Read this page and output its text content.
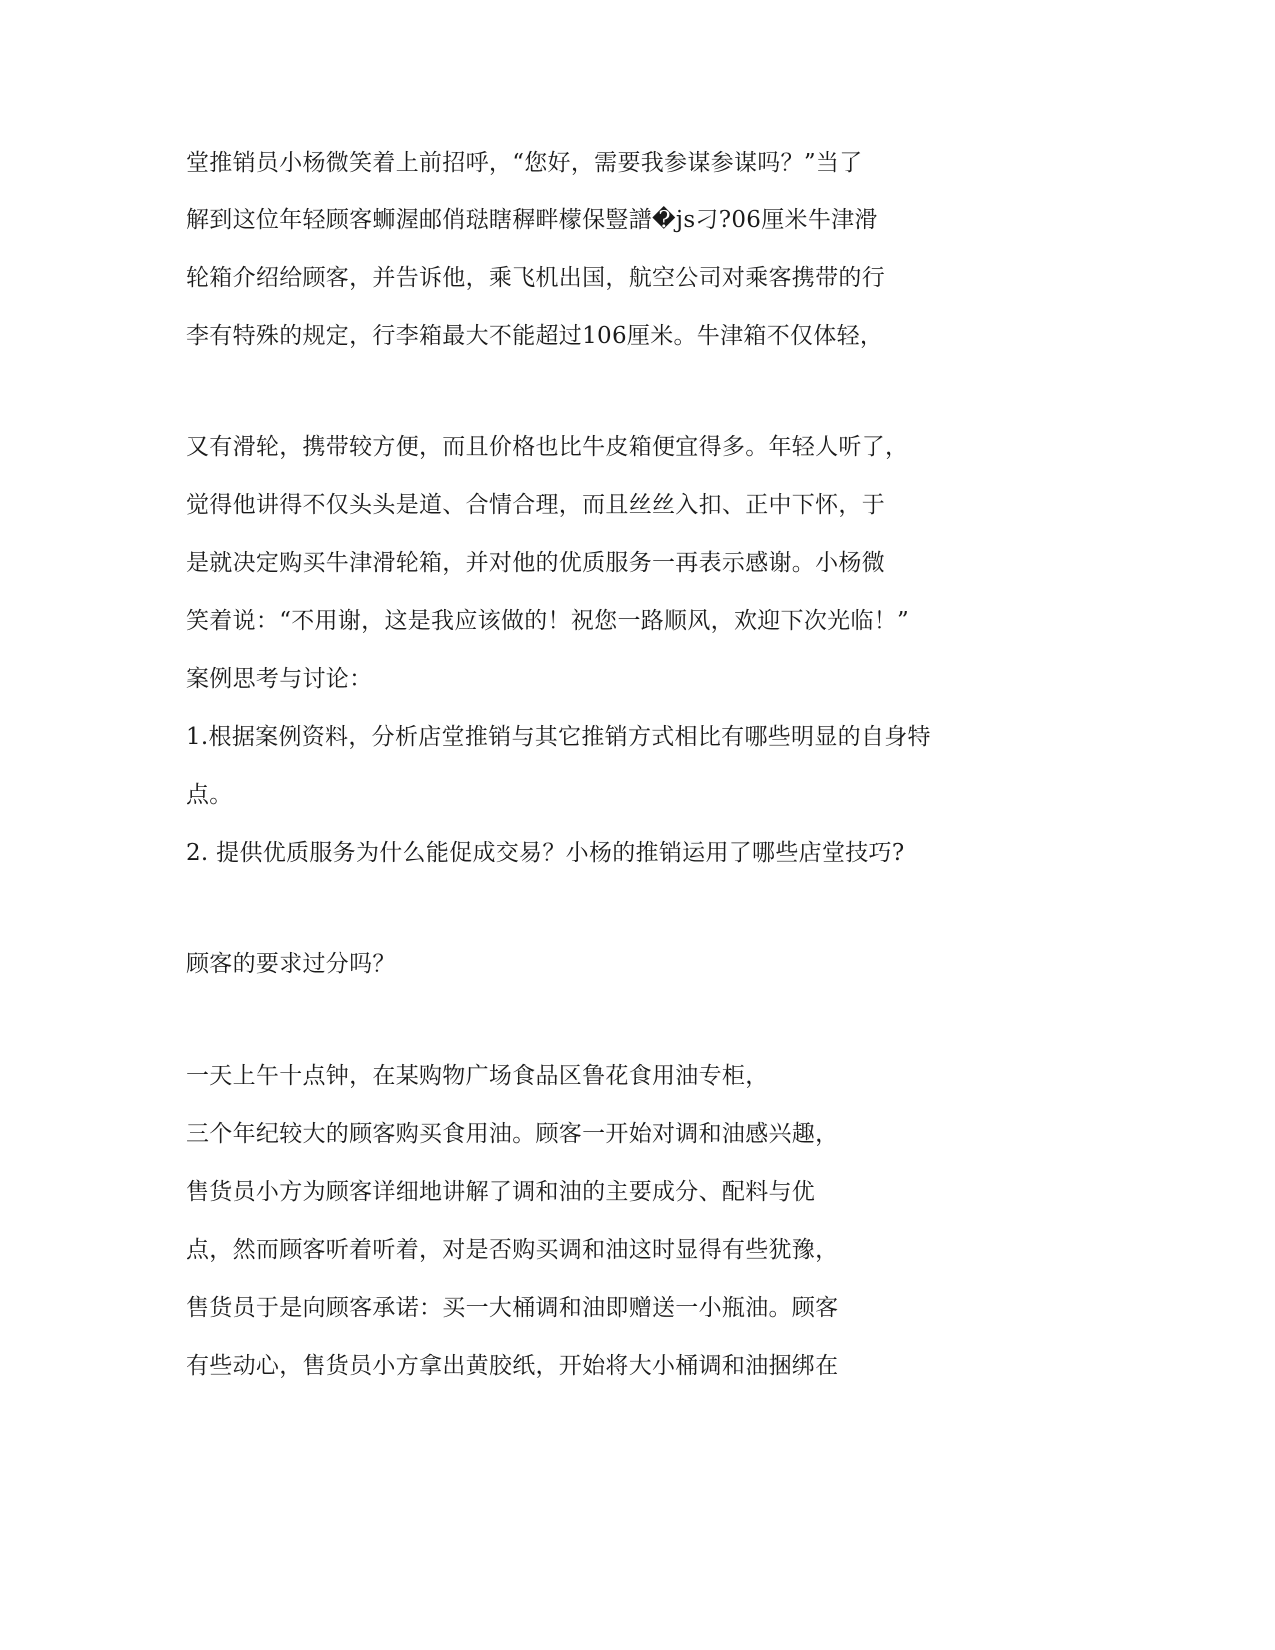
堂推销员小杨微笑着上前招呼，“您好，需要我参谋参谋吗？”当了
解到这位年轻顾客蛳渥邮俏琺瞎稺畔檬保豎譜�js刁?06厘米牛津滑
轮箱介绍给顾客，并告诉他，乘飞机出国，航空公司对乘客携带的行
李有特殊的规定，行李箱最大不能超过106厘米。牛津箱不仅体轻，
又有滑轮，携带较方便，而且价格也比牛皮箱便宜得多。年轻人听了，
觉得他讲得不仅头头是道、合情合理，而且丝丝入扣、正中下怀，于
是就决定购买牛津滑轮箱，并对他的优质服务一再表示感谢。小杨微
笑着说：“不用谢，这是我应该做的！祝您一路顺风，欢迎下次光临！”
案例思考与讨论：
1.根据案例资料，分析店堂推销与其它推销方式相比有哪些明显的自身特
点。
2. 提供优质服务为什么能促成交易？小杨的推销运用了哪些店堂技巧?
顾客的要求过分吗？
一天上午十点钟，在某购物广场食品区鲁花食用油专柜，
三个年纪较大的顾客购买食用油。顾客一开始对调和油感兴趣，
售货员小方为顾客详细地讲解了调和油的主要成分、配料与优
点，然而顾客听着听着，对是否购买调和油这时显得有些犹豫，
售货员于是向顾客承诺：买一大桶调和油即赠送一小瓶油。顾客
有些动心，售货员小方拿出黄胶纸，开始将大小桶调和油捆绑在
